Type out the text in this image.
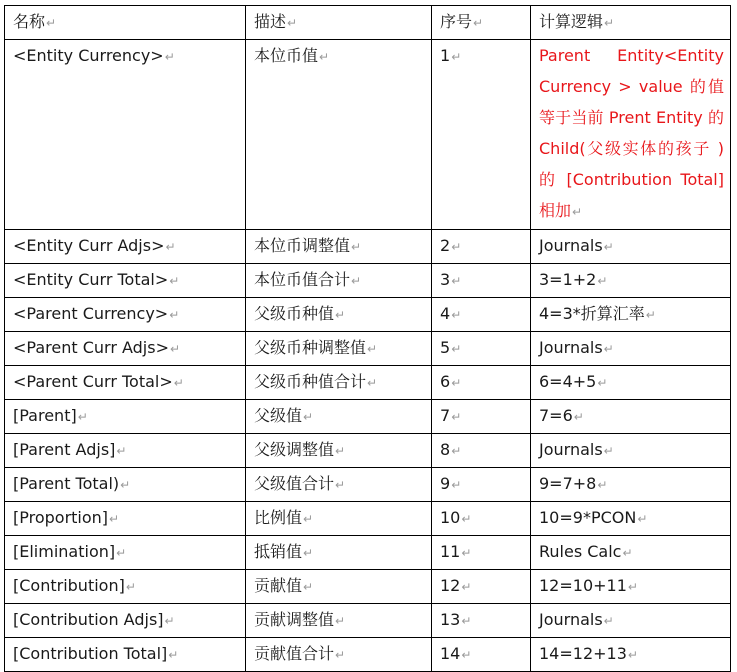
名称↵	描述↵	序号↵	计算逻辑↵
<Entity Currency>↵	本位币值↵	1↵	Parent Entity<Entity Currency > value 的值等于当前 Prent Entity 的 Child(父级实体的孩子 ) 的 [Contribution Total]相加↵
<Entity Curr Adjs>↵	本位币调整值↵	2↵	Journals↵
<Entity Curr Total>↵	本位币值合计↵	3↵	3=1+2↵
<Parent Currency>↵	父级币种值↵	4↵	4=3*折算汇率↵
<Parent Curr Adjs>↵	父级币种调整值↵	5↵	Journals↵
<Parent Curr Total>↵	父级币种值合计↵	6↵	6=4+5↵
[Parent]↵	父级值↵	7↵	7=6↵
[Parent Adjs]↵	父级调整值↵	8↵	Journals↵
[Parent Total)↵	父级值合计↵	9↵	9=7+8↵
[Proportion]↵	比例值↵	10↵	10=9*PCON↵
[Elimination]↵	抵销值↵	11↵	Rules Calc↵
[Contribution]↵	贡献值↵	12↵	12=10+11↵
[Contribution Adjs]↵	贡献调整值↵	13↵	Journals↵
[Contribution Total]↵	贡献值合计↵	14↵	14=12+13↵
